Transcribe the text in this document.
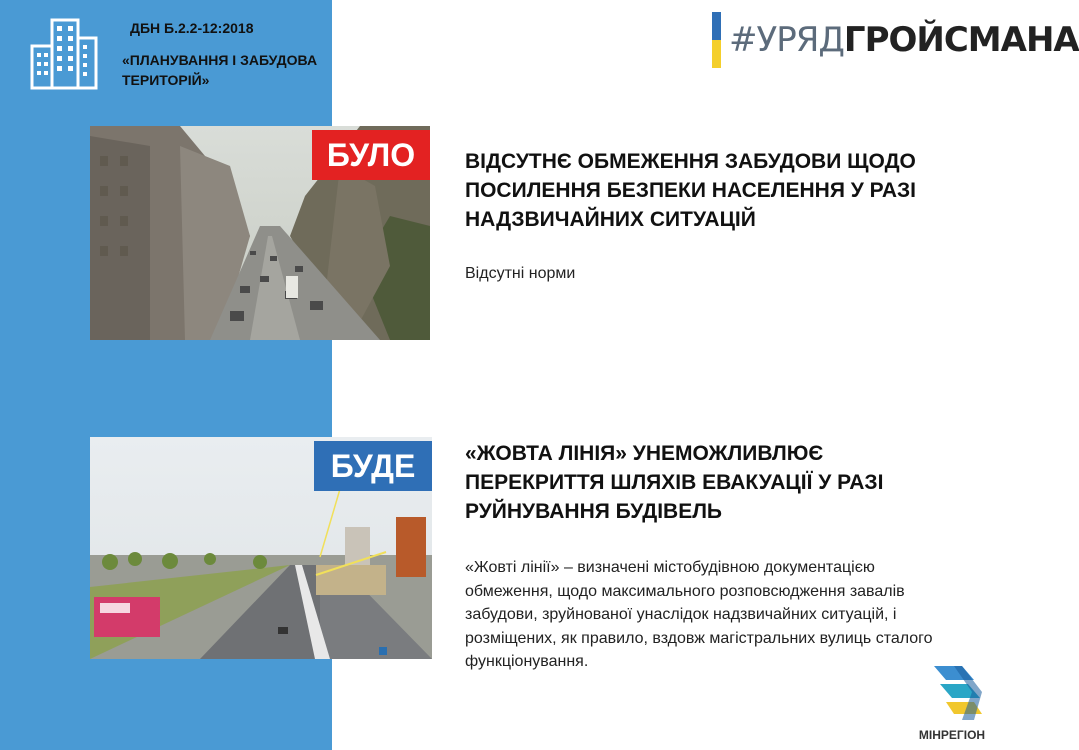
ДБН Б.2.2-12:2018
«ПЛАНУВАННЯ І ЗАБУДОВА ТЕРИТОРІЙ»
#УРЯДГРОЙСМАНА
БУЛО	ВІДСУТНЄ ОБМЕЖЕННЯ ЗАБУДОВИ ЩОДО ПОСИЛЕННЯ БЕЗПЕКИ НАСЕЛЕННЯ У РАЗІ НАДЗВИЧАЙНИХ СИТУАЦІЙ
Відсутні норми
БУДЕ	«ЖОВТА ЛІНІЯ» УНЕМОЖЛИВЛЮЄ ПЕРЕКРИТТЯ ШЛЯХІВ ЕВАКУАЦІЇ У РАЗІ РУЙНУВАННЯ БУДІВЕЛЬ
«Жовті лінії» – визначені містобудівною документацією обмеження, щодо максимального розповсюдження завалів забудови, зруйнованої унаслідок надзвичайних ситуацій, і розміщених, як правило, вздовж магістральних вулиць сталого функціонування.
МІНРЕГІОН
